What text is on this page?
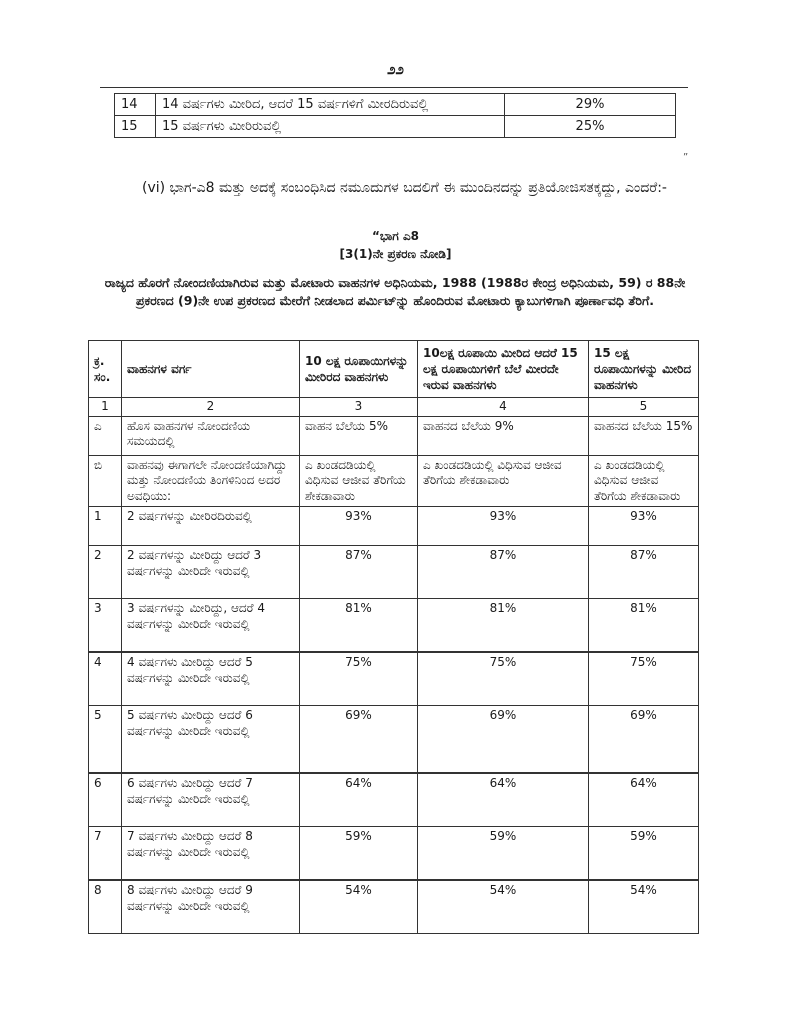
೨೨
14	14 ವರ್ಷಗಳು ಮೀರಿದ, ಆದರೆ 15 ವರ್ಷಗಳಿಗೆ ಮೀರದಿರುವಲ್ಲಿ	29%
15	15 ವರ್ಷಗಳು ಮೀರಿರುವಲ್ಲಿ	25%
”
(vi) ಭಾಗ-ಎ8 ಮತ್ತು ಅದಕ್ಕೆ ಸಂಬಂಧಿಸಿದ ನಮೂದುಗಳ ಬದಲಿಗೆ ಈ ಮುಂದಿನದನ್ನು ಪ್ರತಿಯೋಜಿಸತಕ್ಕದ್ದು, ಎಂದರೆ:-
“ಭಾಗ ಎ8
[3(1)ನೇ ಪ್ರಕರಣ ನೋಡಿ]
ರಾಜ್ಯದ ಹೊರಗೆ ನೋಂದಣಿಯಾಗಿರುವ ಮತ್ತು ಮೋಟಾರು ವಾಹನಗಳ ಅಧಿನಿಯಮ, 1988 (1988ರ ಕೇಂದ್ರ ಅಧಿನಿಯಮ, 59) ರ 88ನೇ ಪ್ರಕರಣದ (9)ನೇ ಉಪ ಪ್ರಕರಣದ ಮೇರೆಗೆ ನೀಡಲಾದ ಪರ್ಮಿಟ್‌ನ್ನು ಹೊಂದಿರುವ ಮೋಟಾರು ಕ್ಯಾಬುಗಳಿಗಾಗಿ ಪೂರ್ಣಾವಧಿ ತೆರಿಗೆ.
ಕ್ರ. ಸಂ.	ವಾಹನಗಳ ವರ್ಗ	10 ಲಕ್ಷ ರೂಪಾಯಿಗಳನ್ನು ಮೀರಿರದ ವಾಹನಗಳು	10ಲಕ್ಷ ರೂಪಾಯಿ ಮೀರಿದ ಆದರೆ 15 ಲಕ್ಷ ರೂಪಾಯಿಗಳಿಗೆ ಬೆಲೆ ಮೀರದೇ ಇರುವ ವಾಹನಗಳು	15 ಲಕ್ಷ ರೂಪಾಯಿಗಳನ್ನು ಮೀರಿದ ವಾಹನಗಳು
1	2	3	4	5
ಎ	ಹೊಸ ವಾಹನಗಳ ನೋಂದಣಿಯ ಸಮಯದಲ್ಲಿ	ವಾಹನ ಬೆಲೆಯ 5%	ವಾಹನದ ಬೆಲೆಯ 9%	ವಾಹನದ ಬೆಲೆಯ 15%
ಬಿ	ವಾಹನವು ಈಗಾಗಲೇ ನೋಂದಣಿಯಾಗಿದ್ದು ಮತ್ತು ನೋಂದಣಿಯ ತಿಂಗಳಿನಿಂದ ಅದರ ಅವಧಿಯು:	ಎ ಖಂಡದಡಿಯಲ್ಲಿ ವಿಧಿಸುವ ಆಜೀವ ತೆರಿಗೆಯ ಶೇಕಡಾವಾರು	ಎ ಖಂಡದಡಿಯಲ್ಲಿ ವಿಧಿಸುವ ಆಜೀವ ತೆರಿಗೆಯ ಶೇಕಡಾವಾರು	ಎ ಖಂಡದಡಿಯಲ್ಲಿ ವಿಧಿಸುವ ಆಜೀವ ತೆರಿಗೆಯ ಶೇಕಡಾವಾರು
1	2 ವರ್ಷಗಳನ್ನು ಮೀರಿರದಿರುವಲ್ಲಿ	93%	93%	93%
2	2 ವರ್ಷಗಳನ್ನು ಮೀರಿದ್ದು ಆದರೆ 3 ವರ್ಷಗಳನ್ನು ಮೀರಿದೇ ಇರುವಲ್ಲಿ	87%	87%	87%
3	3 ವರ್ಷಗಳನ್ನು ಮೀರಿದ್ದು, ಆದರೆ 4 ವರ್ಷಗಳನ್ನು ಮೀರಿದೇ ಇರುವಲ್ಲಿ	81%	81%	81%
4	4 ವರ್ಷಗಳು ಮೀರಿದ್ದು ಆದರೆ 5 ವರ್ಷಗಳನ್ನು ಮೀರಿದೇ ಇರುವಲ್ಲಿ	75%	75%	75%
5	5 ವರ್ಷಗಳು ಮೀರಿದ್ದು ಆದರೆ 6 ವರ್ಷಗಳನ್ನು ಮೀರಿದೇ ಇರುವಲ್ಲಿ	69%	69%	69%
6	6 ವರ್ಷಗಳು ಮೀರಿದ್ದು ಆದರೆ 7 ವರ್ಷಗಳನ್ನು ಮೀರಿದೇ ಇರುವಲ್ಲಿ	64%	64%	64%
7	7 ವರ್ಷಗಳು ಮೀರಿದ್ದು ಆದರೆ 8 ವರ್ಷಗಳನ್ನು ಮೀರಿದೇ ಇರುವಲ್ಲಿ	59%	59%	59%
8	8 ವರ್ಷಗಳು ಮೀರಿದ್ದು ಆದರೆ 9 ವರ್ಷಗಳನ್ನು ಮೀರಿದೇ ಇರುವಲ್ಲಿ	54%	54%	54%
